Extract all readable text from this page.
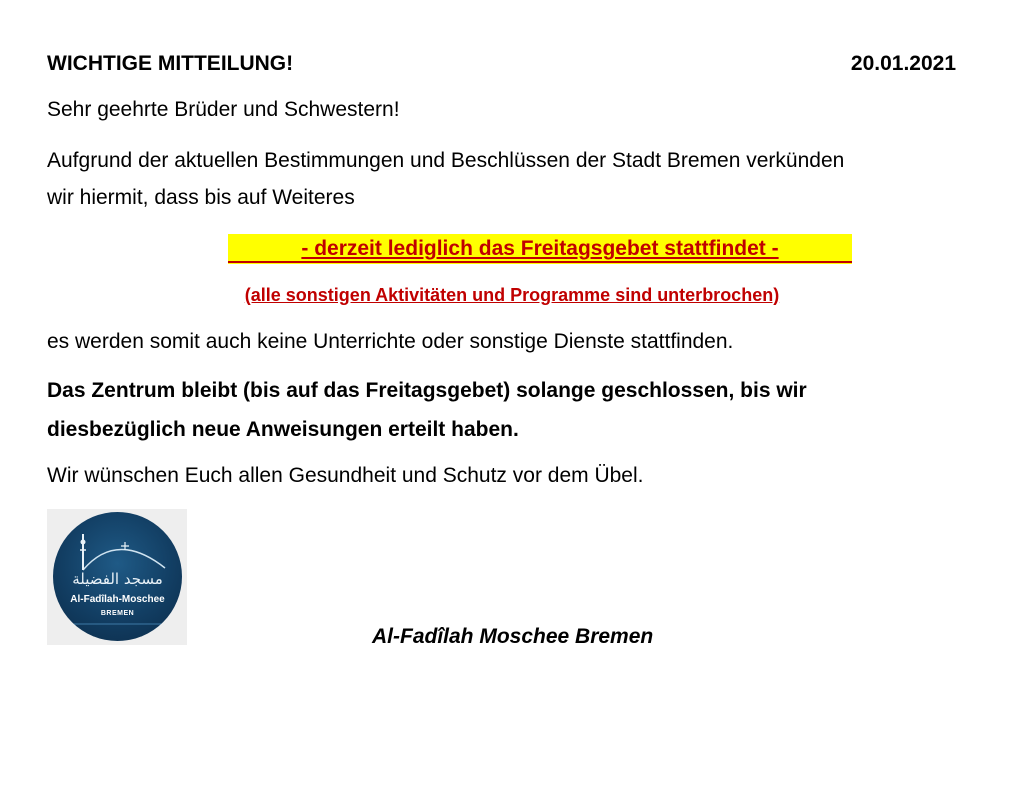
WICHTIGE MITTEILUNG!	20.01.2021
Sehr geehrte Brüder und Schwestern!
Aufgrund der aktuellen Bestimmungen und Beschlüssen der Stadt Bremen verkünden
wir hiermit, dass bis auf Weiteres
- derzeit lediglich das Freitagsgebet stattfindet -
(alle sonstigen Aktivitäten und Programme sind unterbrochen)
es werden somit auch keine Unterrichte oder sonstige Dienste stattfinden.
Das Zentrum bleibt (bis auf das Freitagsgebet) solange geschlossen, bis wir
diesbezüglich neue Anweisungen erteilt haben.
Wir wünschen Euch allen Gesundheit und Schutz vor dem Übel.
مسجد الفضيلة
Al-Fadîlah-Moschee
BREMEN
Al-Fadîlah Moschee Bremen
